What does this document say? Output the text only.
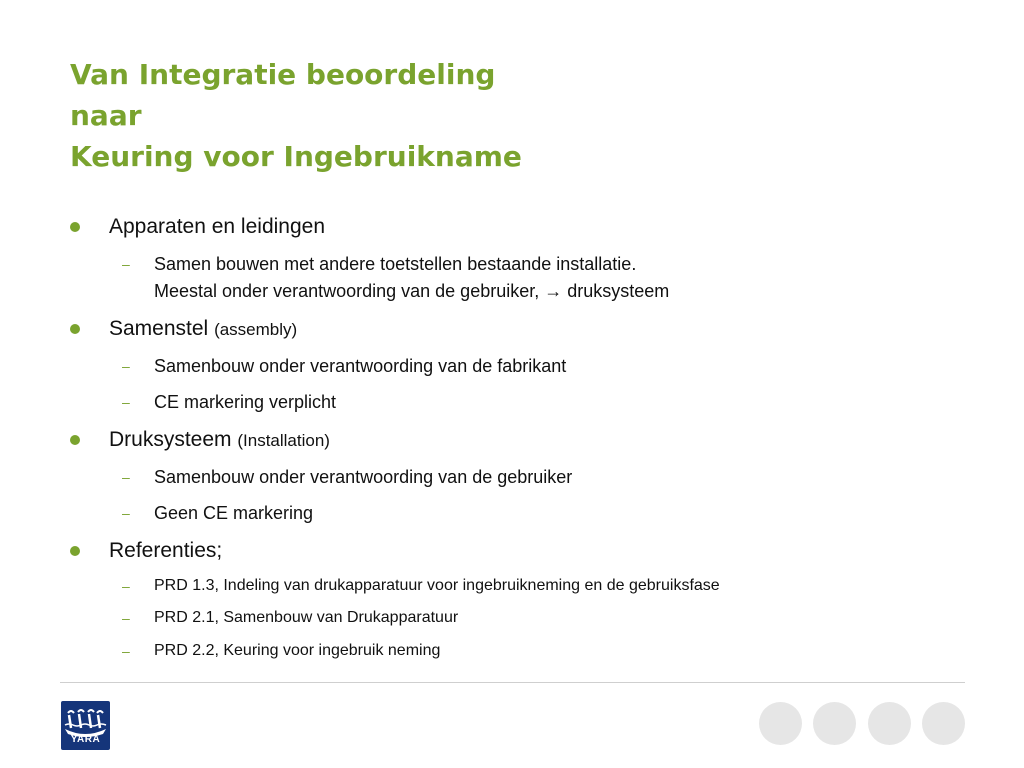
Van Integratie beoordeling
naar
Keuring voor Ingebruikname
Apparaten en leidingen
–	Samen bouwen met andere toetstellen bestaande installatie.
Meestal onder verantwoording van de gebruiker, → druksysteem
Samenstel (assembly)
–	Samenbouw onder verantwoording van de fabrikant
–	CE markering verplicht
Druksysteem (Installation)
–	Samenbouw onder verantwoording van de gebruiker
–	Geen CE markering
Referenties;
–	PRD 1.3, Indeling van drukapparatuur voor ingebruikneming en de gebruiksfase
–	PRD 2.1, Samenbouw van Drukapparatuur
–	PRD 2.2, Keuring voor ingebruik neming
YARA
